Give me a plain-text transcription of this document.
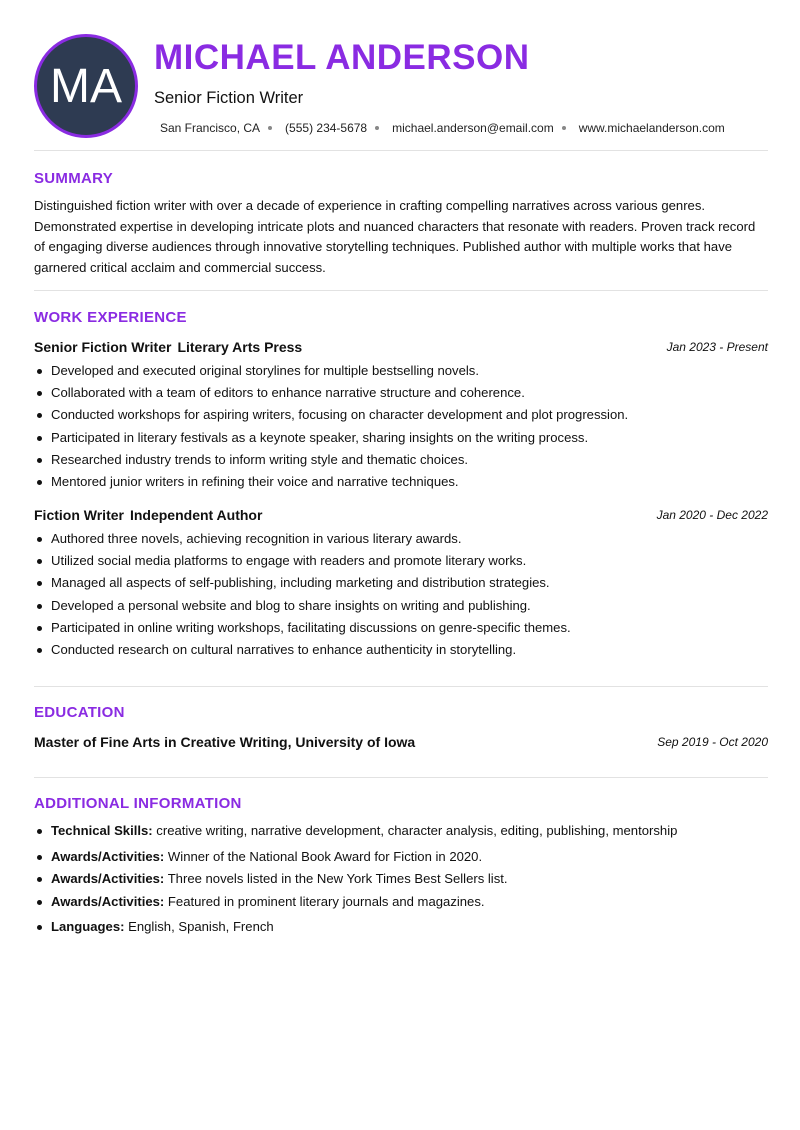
MA
MICHAEL ANDERSON
Senior Fiction Writer
San Francisco, CA (555) 234-5678 michael.anderson@email.com www.michaelanderson.com
SUMMARY

Distinguished fiction writer with over a decade of experience in crafting compelling narratives across various genres. Demonstrated expertise in developing intricate plots and nuanced characters that resonate with readers. Proven track record of engaging diverse audiences through innovative storytelling techniques. Published author with multiple works that have garnered critical acclaim and commercial success.

WORK EXPERIENCE
Senior Fiction Writer Literary Arts Press	Jan 2023 - Present
Developed and executed original storylines for multiple bestselling novels.
Collaborated with a team of editors to enhance narrative structure and coherence.
Conducted workshops for aspiring writers, focusing on character development and plot progression.
Participated in literary festivals as a keynote speaker, sharing insights on the writing process.
Researched industry trends to inform writing style and thematic choices.
Mentored junior writers in refining their voice and narrative techniques.
Fiction Writer Independent Author	Jan 2020 - Dec 2022
Authored three novels, achieving recognition in various literary awards.
Utilized social media platforms to engage with readers and promote literary works.
Managed all aspects of self-publishing, including marketing and distribution strategies.
Developed a personal website and blog to share insights on writing and publishing.
Participated in online writing workshops, facilitating discussions on genre-specific themes.
Conducted research on cultural narratives to enhance authenticity in storytelling.
EDUCATION
Master of Fine Arts in Creative Writing, University of Iowa	Sep 2019 - Oct 2020
ADDITIONAL INFORMATION
Technical Skills: creative writing, narrative development, character analysis, editing, publishing, mentorship
Awards/Activities: Winner of the National Book Award for Fiction in 2020.
Awards/Activities: Three novels listed in the New York Times Best Sellers list.
Awards/Activities: Featured in prominent literary journals and magazines.
Languages: English, Spanish, French
